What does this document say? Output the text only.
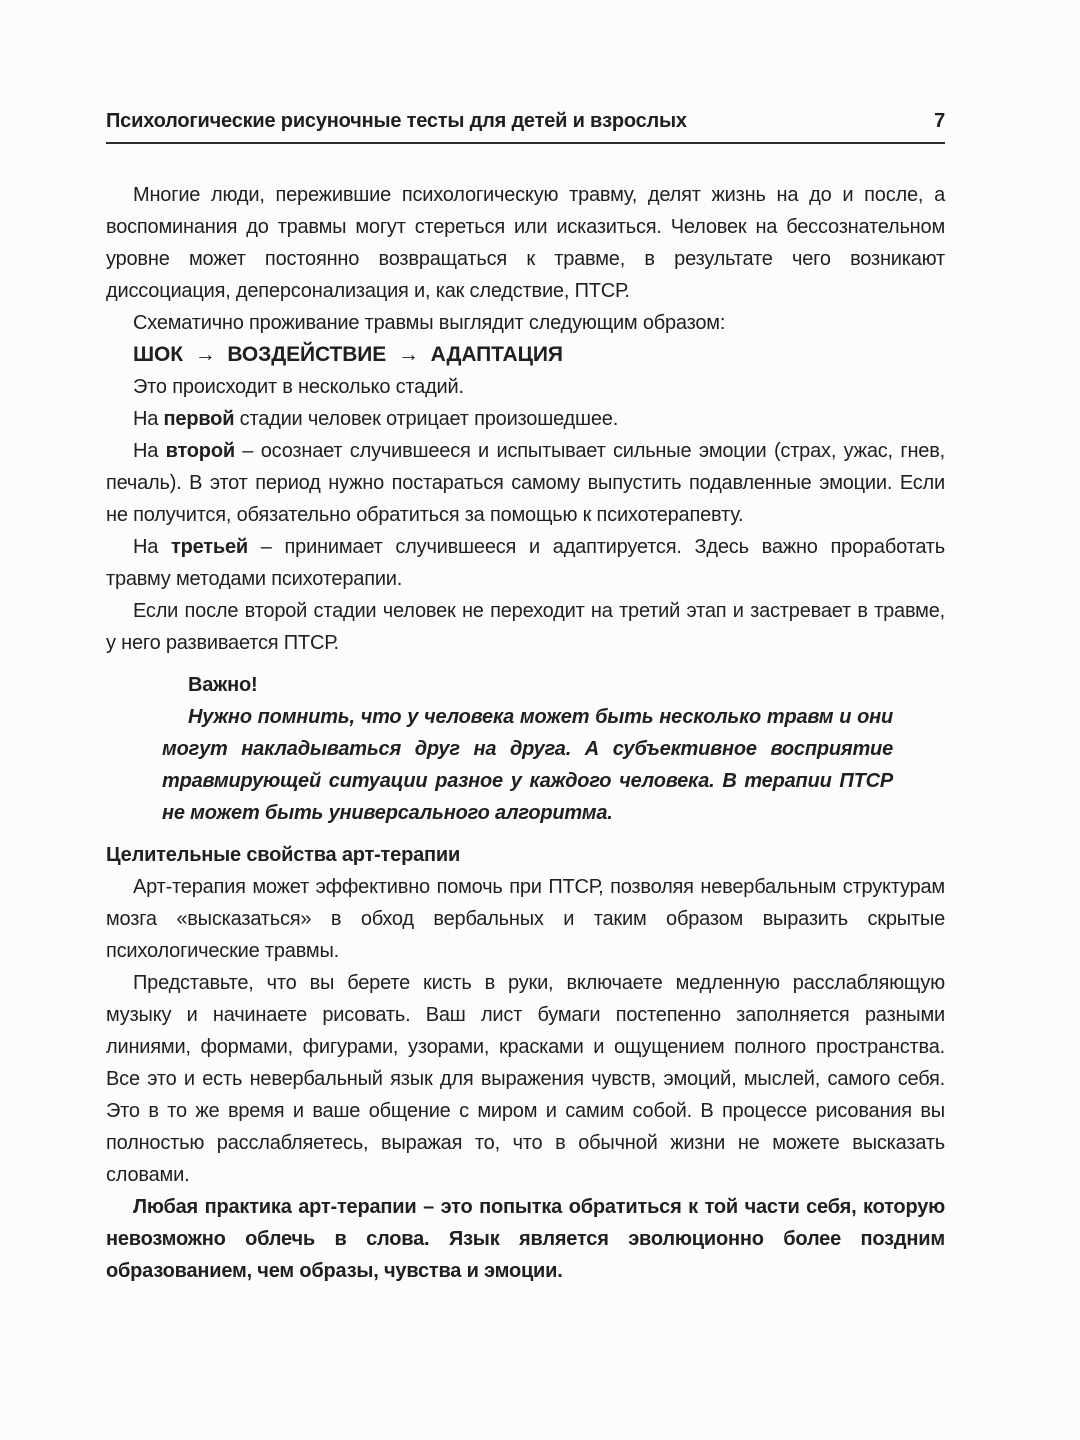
Психологические рисуночные тесты для детей и взрослых	7

Многие люди, пережившие психологическую травму, делят жизнь на до и после, а воспоминания до травмы могут стереться или исказиться. Человек на бессознательном уровне может постоянно возвращаться к травме, в результате чего возникают диссоциация, деперсонализация и, как следствие, ПТСР.

Схематично проживание травмы выглядит следующим образом:

ШОК → ВОЗДЕЙСТВИЕ → АДАПТАЦИЯ

Это происходит в несколько стадий.

На первой стадии человек отрицает произошедшее.

На второй – осознает случившееся и испытывает сильные эмоции (страх, ужас, гнев, печаль). В этот период нужно постараться самому выпустить подавленные эмоции. Если не получится, обязательно обратиться за помощью к психотерапевту.

На третьей – принимает случившееся и адаптируется. Здесь важно проработать травму методами психотерапии.

Если после второй стадии человек не переходит на третий этап и застревает в травме, у него развивается ПТСР.

Важно!

Нужно помнить, что у человека может быть несколько травм и они могут накладываться друг на друга. А субъективное восприятие травмирующей ситуации разное у каждого человека. В терапии ПТСР не может быть универсального алгоритма.

Целительные свойства арт-терапии

Арт-терапия может эффективно помочь при ПТСР, позволяя невербальным структурам мозга «высказаться» в обход вербальных и таким образом выразить скрытые психологические травмы.

Представьте, что вы берете кисть в руки, включаете медленную расслабляющую музыку и начинаете рисовать. Ваш лист бумаги постепенно заполняется разными линиями, формами, фигурами, узорами, красками и ощущением полного пространства. Все это и есть невербальный язык для выражения чувств, эмоций, мыслей, самого себя. Это в то же время и ваше общение с миром и самим собой. В процессе рисования вы полностью расслабляетесь, выражая то, что в обычной жизни не можете высказать словами.

Любая практика арт-терапии – это попытка обратиться к той части себя, которую невозможно облечь в слова. Язык является эволюционно более поздним образованием, чем образы, чувства и эмоции.
